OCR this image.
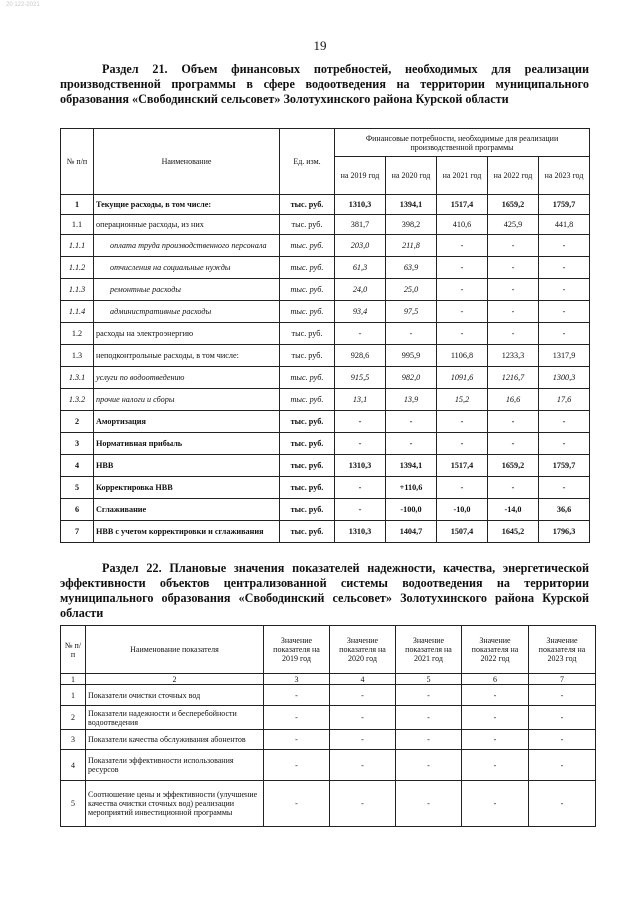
20 122-2021
19
Раздел 21. Объем финансовых потребностей, необходимых для реализации производственной программы в сфере водоотведения на территории муниципального образования «Свободинский сельсовет» Золотухинского района Курской области
№ п/п	Наименование	Ед. изм.	Финансовые потребности, необходимые для реализации производственной программы				
			на 2019 год	на 2020 год	на 2021 год	на 2022 год	на 2023 год
1	Текущие расходы, в том числе:	тыс. руб.	1310,3	1394,1	1517,4	1659,2	1759,7
1.1	операционные расходы, из них	тыс. руб.	381,7	398,2	410,6	425,9	441,8
1.1.1	оплата труда производственного персонала	тыс. руб.	203,0	211,8	-	-	-
1.1.2	отчисления на социальные нужды	тыс. руб.	61,3	63,9	-	-	-
1.1.3	ремонтные расходы	тыс. руб.	24,0	25,0	-	-	-
1.1.4	административные расходы	тыс. руб.	93,4	97,5	-	-	-
1.2	расходы на электроэнергию	тыс. руб.	-	-	-	-	-
1.3	неподконтрольные расходы, в том числе:	тыс. руб.	928,6	995,9	1106,8	1233,3	1317,9
1.3.1	услуги по водоотведению	тыс. руб.	915,5	982,0	1091,6	1216,7	1300,3
1.3.2	прочие налоги и сборы	тыс. руб.	13,1	13,9	15,2	16,6	17,6
2	Амортизация	тыс. руб.	-	-	-	-	-
3	Нормативная прибыль	тыс. руб.	-	-	-	-	-
4	НВВ	тыс. руб.	1310,3	1394,1	1517,4	1659,2	1759,7
5	Корректировка НВВ	тыс. руб.	-	+110,6	-	-	-
6	Сглаживание	тыс. руб.	-	-100,0	-10,0	-14,0	36,6
7	НВВ с учетом корректировки и сглаживания	тыс. руб.	1310,3	1404,7	1507,4	1645,2	1796,3
Раздел 22. Плановые значения показателей надежности, качества, энергетической эффективности объектов централизованной системы водоотведения на территории муниципального образования «Свободинский сельсовет» Золотухинского района Курской области
№ п/п	Наименование показателя	Значение показателя на 2019 год	Значение показателя на 2020 год	Значение показателя на 2021 год	Значение показателя на 2022 год	Значение показателя на 2023 год
1	2	3	4	5	6	7
1	Показатели очистки сточных вод	-	-	-	-	-
2	Показатели надежности и бесперебойности водоотведения	-	-	-	-	-
3	Показатели качества обслуживания абонентов	-	-	-	-	-
4	Показатели эффективности использования ресурсов	-	-	-	-	-
5	Соотношение цены и эффективности (улучшение качества очистки сточных вод) реализации мероприятий инвестиционной программы	-	-	-	-	-
